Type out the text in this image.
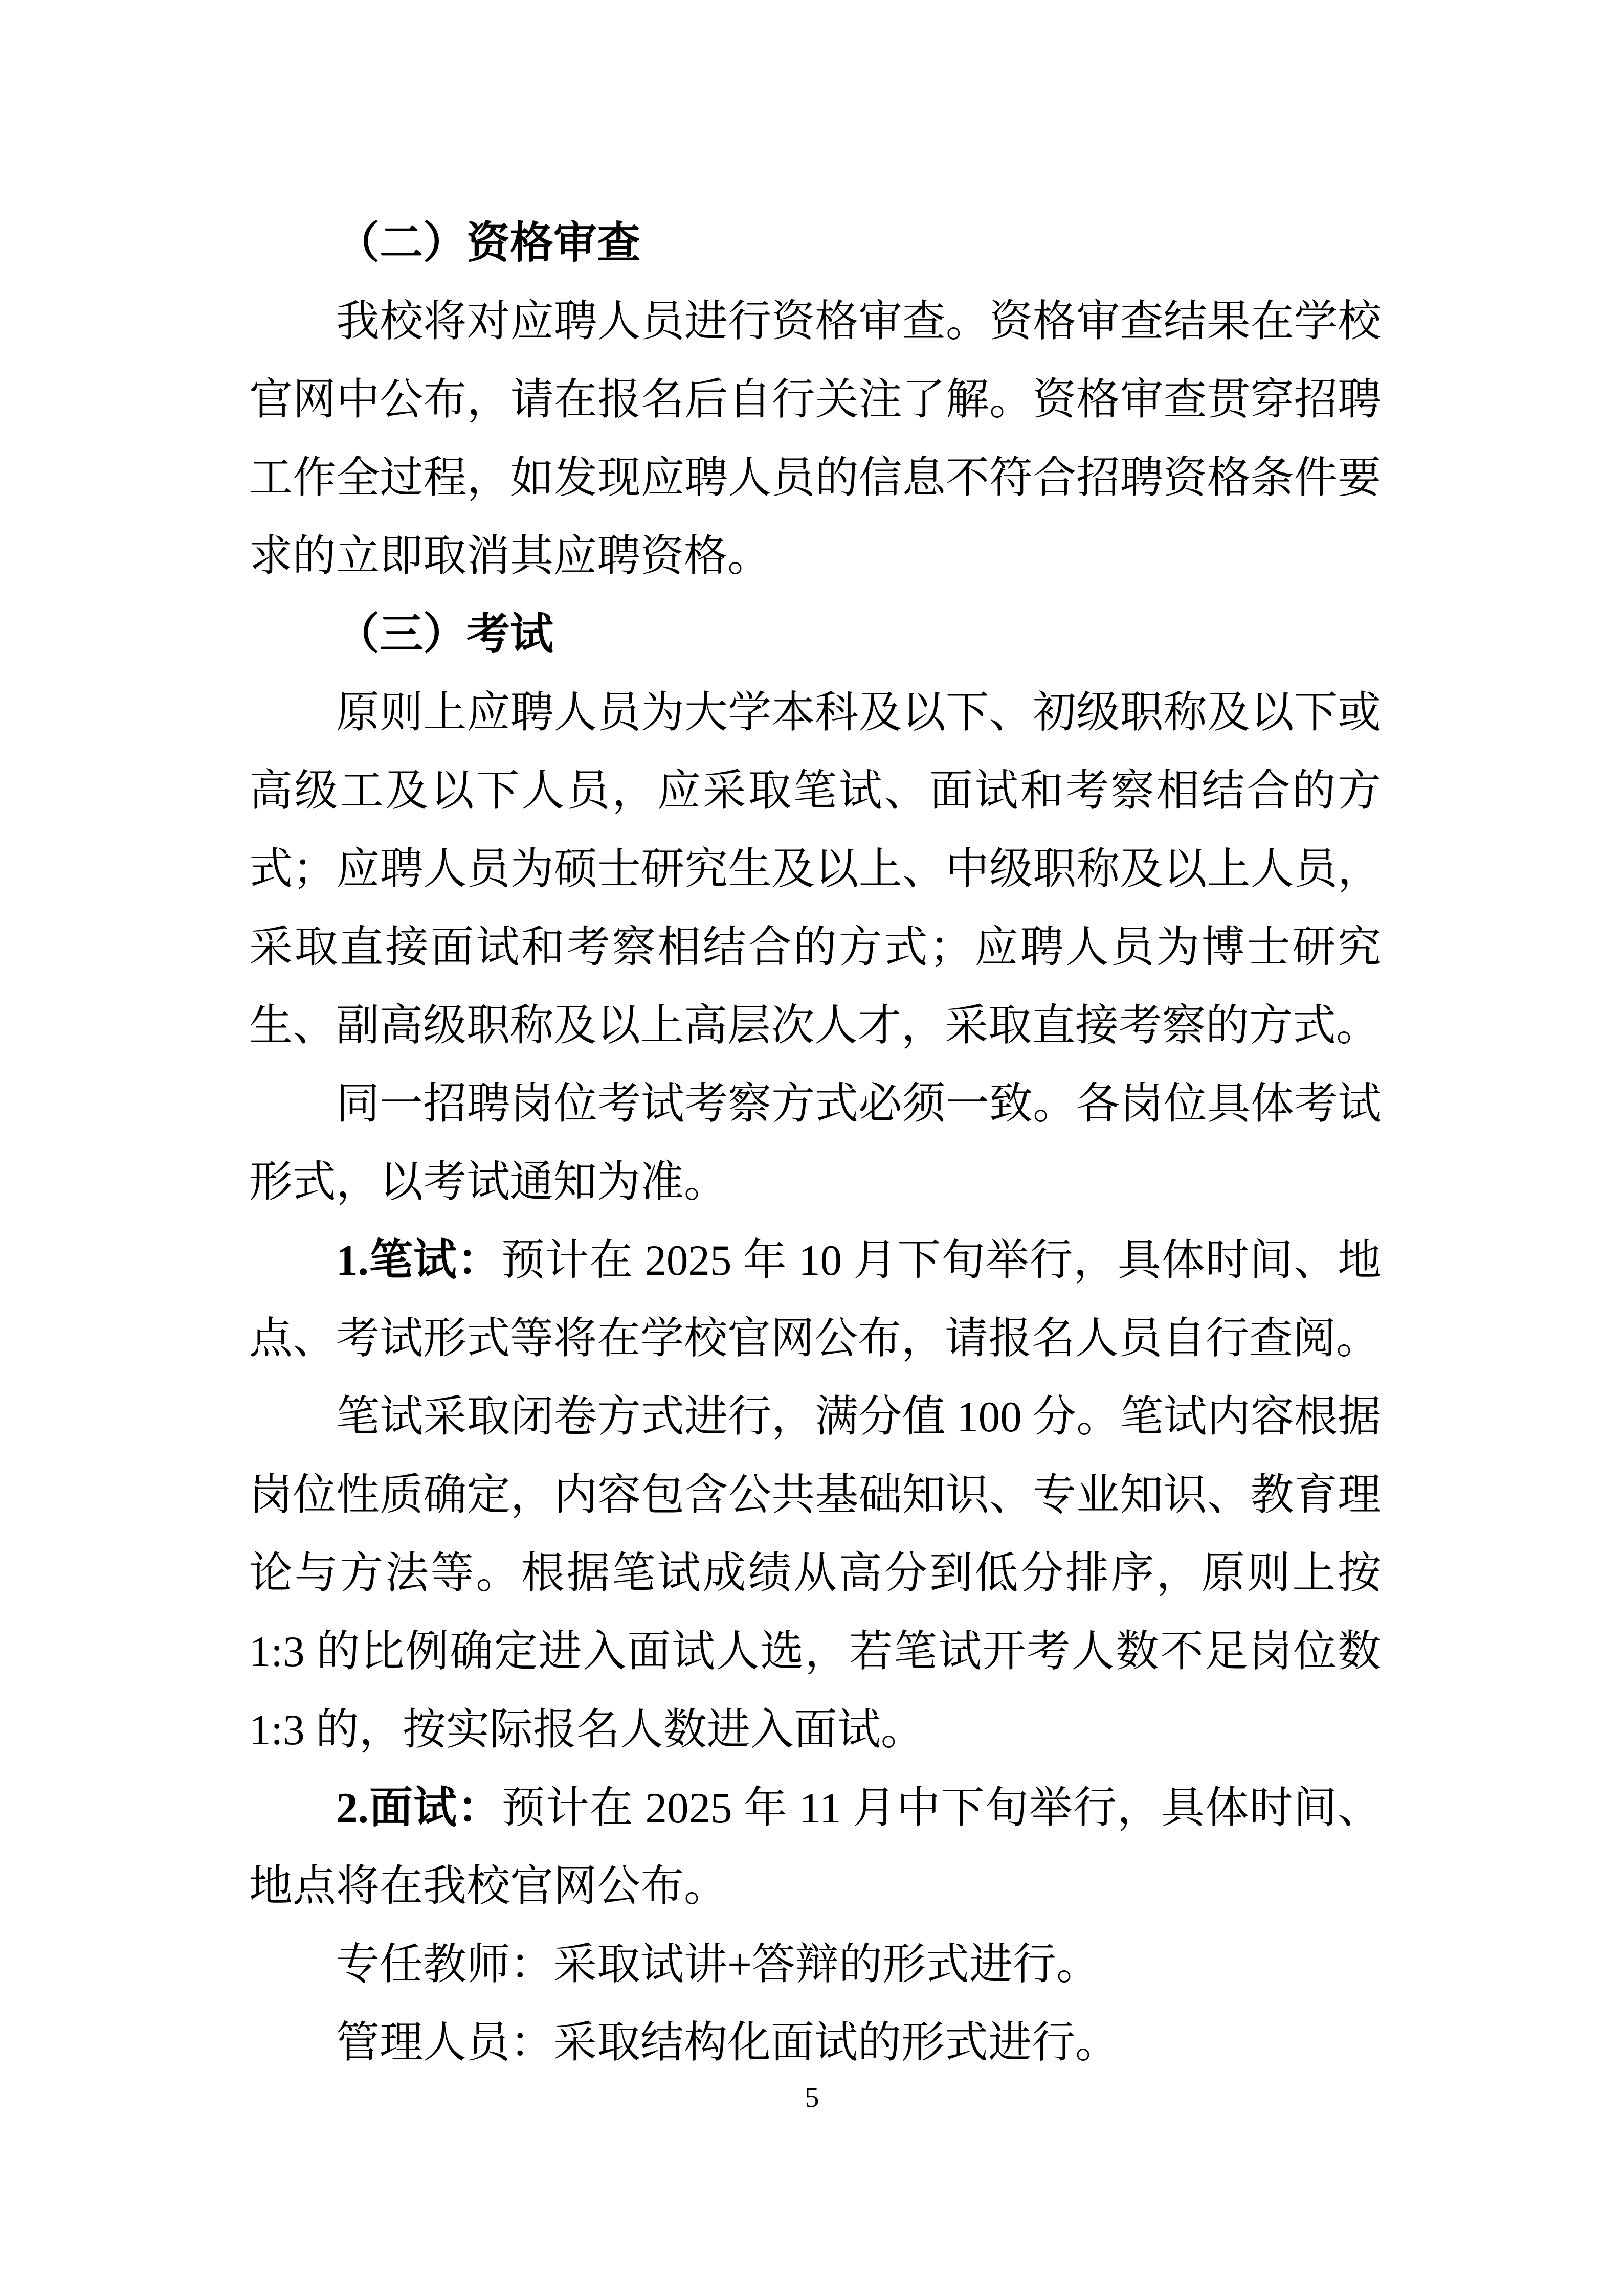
（二）资格审查

我校将对应聘人员进行资格审查。资格审查结果在学校官网中公布，请在报名后自行关注了解。资格审查贯穿招聘工作全过程，如发现应聘人员的信息不符合招聘资格条件要求的立即取消其应聘资格。

（三）考试

原则上应聘人员为大学本科及以下、初级职称及以下或高级工及以下人员，应采取笔试、面试和考察相结合的方式；应聘人员为硕士研究生及以上、中级职称及以上人员，采取直接面试和考察相结合的方式；应聘人员为博士研究生、副高级职称及以上高层次人才，采取直接考察的方式。

同一招聘岗位考试考察方式必须一致。各岗位具体考试形式，以考试通知为准。

1.笔试：预计在 2025 年 10 月下旬举行，具体时间、地点、考试形式等将在学校官网公布，请报名人员自行查阅。

笔试采取闭卷方式进行，满分值 100 分。笔试内容根据岗位性质确定，内容包含公共基础知识、专业知识、教育理论与方法等。根据笔试成绩从高分到低分排序，原则上按 1:3 的比例确定进入面试人选，若笔试开考人数不足岗位数 1:3 的，按实际报名人数进入面试。

2.面试：预计在 2025 年 11 月中下旬举行，具体时间、地点将在我校官网公布。

专任教师：采取试讲+答辩的形式进行。

管理人员：采取结构化面试的形式进行。

5
